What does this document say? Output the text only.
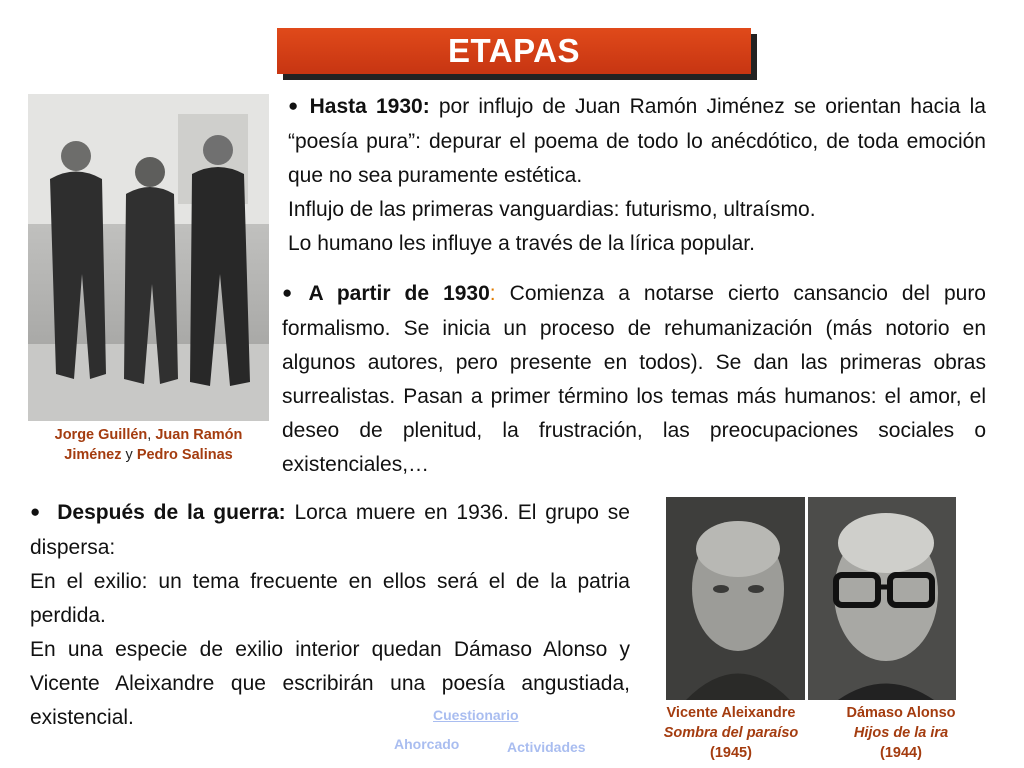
ETAPAS
Jorge Guillén, Juan Ramón Jiménez y Pedro Salinas

● Hasta 1930: por influjo de Juan Ramón Jiménez se orientan hacia la “poesía pura”: depurar el poema de todo lo anécdótico, de toda emoción que no sea puramente estética.
Influjo de las primeras vanguardias: futurismo, ultraísmo.
Lo humano les influye a través de la lírica popular.

● A partir de 1930: Comienza a notarse cierto cansancio del puro formalismo. Se inicia un proceso de rehumanización (más notorio en algunos autores, pero presente en todos). Se dan las primeras obras surrealistas. Pasan a primer término los temas más humanos: el amor, el deseo de plenitud, la frustración, las preocupaciones sociales o existenciales,…

● Después de la guerra: Lorca muere en 1936. El grupo se dispersa:
En el exilio: un tema frecuente en ellos será el de la patria perdida.
En una especie de exilio interior quedan Dámaso Alonso y Vicente Aleixandre que escribirán una poesía angustiada, existencial.	Vicente Aleixandre
Sombra del paraíso
(1945)
Dámaso Alonso
Hijos de la ira
(1944)
Cuestionario
Ahorcado	Actividades
